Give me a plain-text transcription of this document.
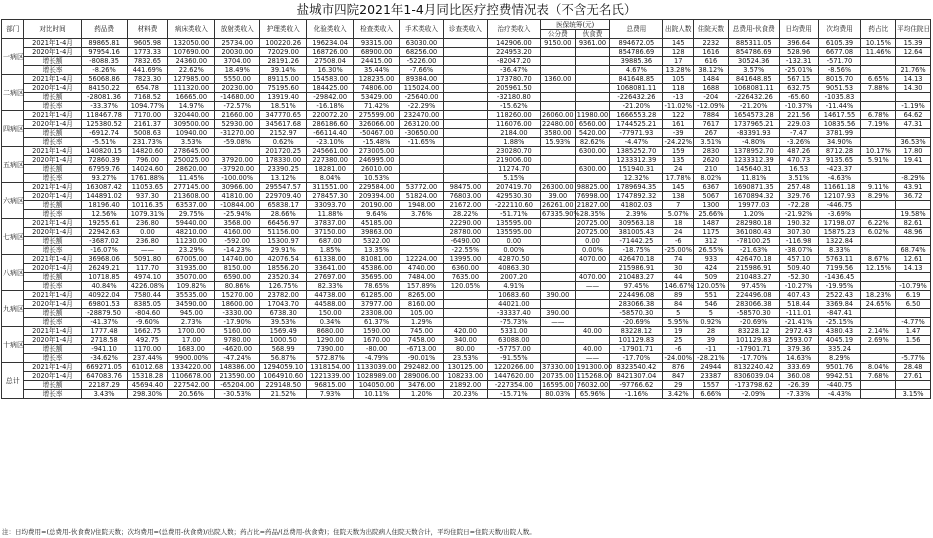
盐城市四院2021年1-4月同比医疗控费情况表（不含无名氏）
部门	对比时间	药品费	材料费	病床类收入	放射类收入	护理类收入	化验类收入	检查类收入	手术类收入	诊查类收入	治疗类收入	医保统筹(元)		总费用	出院人数	住院天数	总费用-伙食费	日均费用	次均费用	药占比	平均住院日
												公分费	伙食费								
一病区	2021年1-4月	89865.81	9605.98	132050.00	25734.00	100220.26	196234.04	93315.00	63030.00		142906.00	9150.00	9361.00	894672.05	145	2232	885311.05	396.64	6105.39	10.15%	15.39
	2020年1-4月	97954.16	1773.33	107690.00	20030.00	72029.00	168726.00	68900.00	68256.00		224953.20			854786.69	128	1616	854786.69	528.96	6677.08	11.46%	12.64
	增长额	-8088.35	7832.65	24360.00	3704.00	28191.26	27508.04	24415.00	-5226.00		-82047.20			39885.36	17	616	30524.36	-132.31	-571.70		
	增长率	-8.26%	441.69%	22.62%	18.49%	39.14%	16.30%	35.44%	-7.66%		-36.47%			4.67%	13.28%	38.12%	3.57%	-25.01%	-8.56%		21.76%
二病区	2021年1-4月	56068.86	7823.30	127985.00	5550.00	89115.00	154583.00	128235.00	89384.00		173780.70	1360.00		841648.85	105	1484	841648.85	567.15	8015.70	6.65%	14.13
	2020年1-4月	84150.22	654.78	111320.00	20230.00	75195.60	184425.00	74806.00	115024.00		205961.50			1068081.11	118	1688	1068081.11	632.75	9051.53	7.88%	14.30
	增长额	-28081.36	7168.52	16665.00	-14680.00	13919.40	-29842.00	53429.00	-25640.00		-32180.80			-226432.26	-13	-204	-226432.26	-65.60	-1035.83		
	增长率	-33.37%	1094.77%	14.97%	-72.57%	18.51%	-16.18%	71.42%	-22.29%		-15.62%			-21.20%	-11.02%	-12.09%	-21.20%	-10.37%	-11.44%		-1.19%
四病区	2021年1-4月	118467.78	7170.00	320440.00	21660.00	347770.65	220072.20	275599.00	232470.00		118260.00	26060.00	11980.00	1666553.28	122	7884	1654573.28	221.56	14617.55	6.78%	64.62
	2020年1-4月	125380.52	2161.37	309500.00	52930.00	345617.68	286186.60	326066.00	263120.00		116076.00	22480.00	6560.00	1744525.21	161	7617	1737965.21	229.03	10835.56	7.19%	47.31
	增长额	-6912.74	5008.63	10940.00	-31270.00	2152.97	-66114.40	-50467.00	-30650.00		2184.00	3580.00	5420.00	-77971.93	-39	267	-83391.93	-7.47	3781.99		
	增长率	-5.51%	231.73%	3.53%	-59.08%	0.62%	-23.10%	-15.48%	-11.65%		1.88%	15.93%	82.62%	-4.47%	-24.22%	3.51%	-4.80%	-3.26%	34.90%		36.53%
五病区	2021年1-4月	140820.15	14820.60	278645.00		201720.25	245661.00	273005.00			230280.70		6300.00	1385252.70	159	2830	1378952.70	487.26	8712.28	10.17%	17.80
	2020年1-4月	72860.39	796.00	250025.00	37920.00	178330.00	227380.00	246995.00			219006.00			1233312.39	135	2620	1233312.39	470.73	9135.65	5.91%	19.41
	增长额	67959.76	14024.60	28620.00	-37920.00	23390.25	18281.00	26010.00			11274.70		6300.00	151940.31	24	210	145640.31	16.53	-423.37		
	增长率	93.27%	1761.88%	11.45%	-100.00%	13.12%	8.04%	10.53%			5.15%			12.32%	17.78%	8.02%	11.81%	3.51%	-4.63%		-8.29%
六病区	2021年1-4月	163087.42	11053.65	277145.00	30966.00	295547.57	311551.00	229584.00	53772.00	98475.00	207419.70	26300.00	98825.00	1789694.35	145	6367	1690871.35	257.48	11661.18	9.11%	43.91
	2020年1-4月	144891.02	937.30	213608.00	41810.00	229709.40	278457.30	209394.00	51824.00	76803.00	429530.30	39.00	76998.00	1747892.32	138	5067	1670894.32	329.76	12107.93	8.29%	36.72
	增长额	18196.40	10116.35	63537.00	-10844.00	65838.17	33093.70	20190.00	1948.00	21672.00	-222110.60	26261.00	21827.00	41802.03	7	1300	19977.03	-72.28	-446.75		
	增长率	12.56%	1079.31%	29.75%	-25.94%	28.66%	11.88%	9.64%	3.76%	28.22%	-51.71%	67335.90%	28.35%	2.39%	5.07%	25.66%	1.20%	-21.92%	-3.69%		19.58%
七病区	2021年1-4月	19255.61	236.80	59440.00	3568.00	66456.97	37837.00	45185.00		22290.00	135595.00		20725.00	309563.18	18	1487	282980.18	190.32	17198.07	6.22%	82.61
	2020年1-4月	22942.63	0.00	48210.00	4160.00	51156.00	37150.00	39863.00		28780.00	135595.00		20725.00	381005.43	24	1175	361080.43	307.30	15875.23	6.02%	48.96
	增长额	-3687.02	236.80	11230.00	-592.00	15300.97	687.00	5322.00		-6490.00	0.00		0.00	-71442.25	-6	312	-78100.25	-116.98	1322.84		
	增长率	-16.07%	——	23.29%	-14.23%	29.91%	1.85%	13.35%		-22.55%	0.00%		0.00%	-18.75%	-25.00%	26.55%	-21.63%	-38.07%	8.33%		68.74%
八病区	2021年1-4月	36968.06	5091.80	67005.00	14740.00	42076.54	61338.00	81081.00	12224.00	13995.00	42870.50		4070.00	426470.18	74	933	426470.18	457.10	5763.11	8.67%	12.61
	2020年1-4月	26249.21	117.70	31935.00	8150.00	18556.20	33641.00	45386.00	4740.00	6360.00	40863.30			215986.91	30	424	215986.91	509.40	7199.56	12.15%	14.13
	增长额	10718.85	4974.10	35070.00	6590.00	23520.34	27697.00	35695.00	7484.00	7635.00	2007.20		4070.00	210483.27	44	509	210483.27	-52.30	-1436.45		
	增长率	40.84%	4226.08%	109.82%	80.86%	126.75%	82.33%	78.65%	157.89%	120.05%	4.91%		——	97.45%	146.67%	120.05%	97.45%	-10.27%	-19.95%		-10.79%
九病区	2021年1-4月	40922.04	7580.44	35535.00	15270.00	23782.00	44738.00	61285.00	8265.00		10683.60	390.00		224496.08	89	551	224496.08	407.43	2522.43	18.23%	6.19
	2020年1-4月	69801.53	8385.05	34590.00	18600.00	17043.70	44588.00	37977.00	8160.00		44021.00			283066.38	84	546	283066.38	518.44	3369.84	24.65%	6.50
	增长额	-28879.50	-804.60	945.00	-3330.00	6738.30	150.00	23308.00	105.00		-33337.40	390.00		-58570.30	5	5	-58570.30	-111.01	-847.41		
	增长率	-41.37%	-9.60%	2.73%	-17.90%	39.53%	0.34%	61.37%	1.29%		-75.73%	——		-20.69%	5.95%	0.92%	-20.69%	-21.41%	-25.15%		-4.77%
十病区	2021年1-4月	1777.48	1662.75	1700.00	5160.00	1569.49	8680.00	1590.00	745.00	420.00	5331.00		40.00	83228.12	19	28	83228.12	2972.43	4380.43	2.14%	1.47
	2020年1-4月	2718.58	492.75	17.00	9780.00	1000.50	1290.00	1670.00	7458.00	340.00	63088.00			101129.83	25	39	101129.83	2593.07	4045.19	2.69%	1.56
	增长额	-941.10	1170.00	1683.00	-4620.00	568.99	7390.00	-80.00	-6713.00	80.00	-57757.00		40.00	-17901.71	-6	-11	-17901.71	379.36	335.24		
	增长率	-34.62%	237.44%	9900.00%	-47.24%	56.87%	572.87%	-4.79%	-90.01%	23.53%	-91.55%		——	-17.70%	-24.00%	-28.21%	-17.70%	14.63%	8.29%		-5.77%
总计	2021年1-4月	669271.05	61012.68	1334220.00	148386.00	1294059.10	1318154.00	1133039.00	292482.00	130125.00	1220266.00	37330.00	191300.00	8323540.42	876	24944	8132240.42	333.69	9501.76	8.04%	28.48
	2020年1-4月	647083.76	15318.28	1106678.00	213590.00	1064910.60	1221339.00	1028989.00	289006.00	108233.00	1447620.00	20735.00	115268.00	8421307.04	847	23387	8306039.04	360.08	9942.51	7.68%	27.61
	增长额	22187.29	45694.40	227542.00	-65204.00	229148.50	96815.00	104050.00	3476.00	21892.00	-227354.00	16595.00	76032.00	-97766.62	29	1557	-173798.62	-26.39	-440.75		
	增长率	3.43%	298.30%	20.56%	-30.53%	21.52%	7.93%	10.11%	1.20%	20.23%	-15.71%	80.03%	65.96%	-1.16%	3.42%	6.66%	-2.09%	-7.33%	-4.43%		3.15%
注：日均费用=(总费用-伙食费)/住院天数；次均费用=(总费用-伙食费)/出院人数；药占比=药品/(总费用-伙食费)；住院天数为出院病人住院天数合计，平均住院日=住院天数/出院人数。
